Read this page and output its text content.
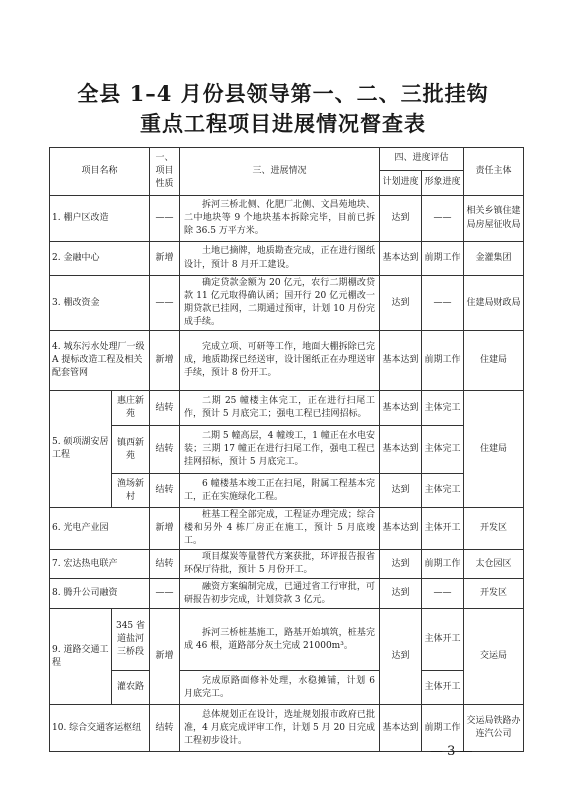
全县 1–4 月份县领导第一、二、三批挂钩
重点工程项目进展情况督查表
项目名称		一、项目性质	三、进展情况	四、进度评估		责任主体
				计划进度	形象进度	
1. 棚户区改造		——	拆河三桥北侧、化肥厂北侧、文昌苑地块、二中地块等 9 个地块基本拆除完毕，目前已拆除 36.5 万平方米。	达到	——	相关乡镇住建局房屋征收局
2. 金融中心		新增	土地已摘牌，地质勘查完成，正在进行图纸设计，预计 8 月开工建设。	基本达到	前期工作	金灌集团
3. 棚改资金		——	确定贷款金额为 20 亿元，农行二期棚改贷款 11 亿元取得确认函；国开行 20 亿元棚改一期贷款已挂网，二期通过预审，计划 10 月份完成手续。	达到	——	住建局财政局
4. 城东污水处理厂一级 A 提标改造工程及相关配套管网		新增	完成立项、可研等工作，地面大棚拆除已完成，地质勘探已经送审，设计图纸正在办理送审手续，预计 8 份开工。	基本达到	前期工作	住建局
5. 硕项湖安居工程	惠庄新苑	结转	二期 25 幢楼主体完工，正在进行扫尾工作，预计 5 月底完工；强电工程已挂网招标。	基本达到	主体完工	住建局
	镇西新苑	结转	二期 5 幢高层，4 幢竣工，1 幢正在水电安装；三期 17 幢正在进行扫尾工作，强电工程已挂网招标，预计 5 月底完工。	基本达到	主体完工	
	渔场新村	结转	6 幢楼基本竣工正在扫尾，附属工程基本完工，正在实施绿化工程。	达到	主体完工	
6. 光电产业园		新增	桩基工程全部完成，工程证办理完成；综合楼和另外 4 栋厂房正在施工，预计 5 月底竣工。	基本达到	主体开工	开发区
7. 宏达热电联产		结转	项目煤炭等量替代方案获批，环评报告报省环保厅待批，预计 5 月份开工。	达到	前期工作	太仓园区
8. 腾升公司融资		——	融资方案编制完成，已通过省工行审批，可研报告初步完成，计划贷款 3 亿元。	达到	——	开发区
9. 道路交通工程	345 省道盐河三桥段	新增	拆河三桥桩基施工，路基开始填筑，桩基完成 46 根，道路部分灰土完成 21000m³。	达到	主体开工	交运局
	灌农路		完成原路面修补处理，水稳摊铺，计划 6 月底完工。		主体开工	
10. 综合交通客运枢纽		结转	总体规划正在设计，选址规划报市政府已批准，4 月底完成评审工作，计划 5 月 20 日完成工程初步设计。	基本达到	前期工作	交运局铁路办连汽公司
— 3 —
